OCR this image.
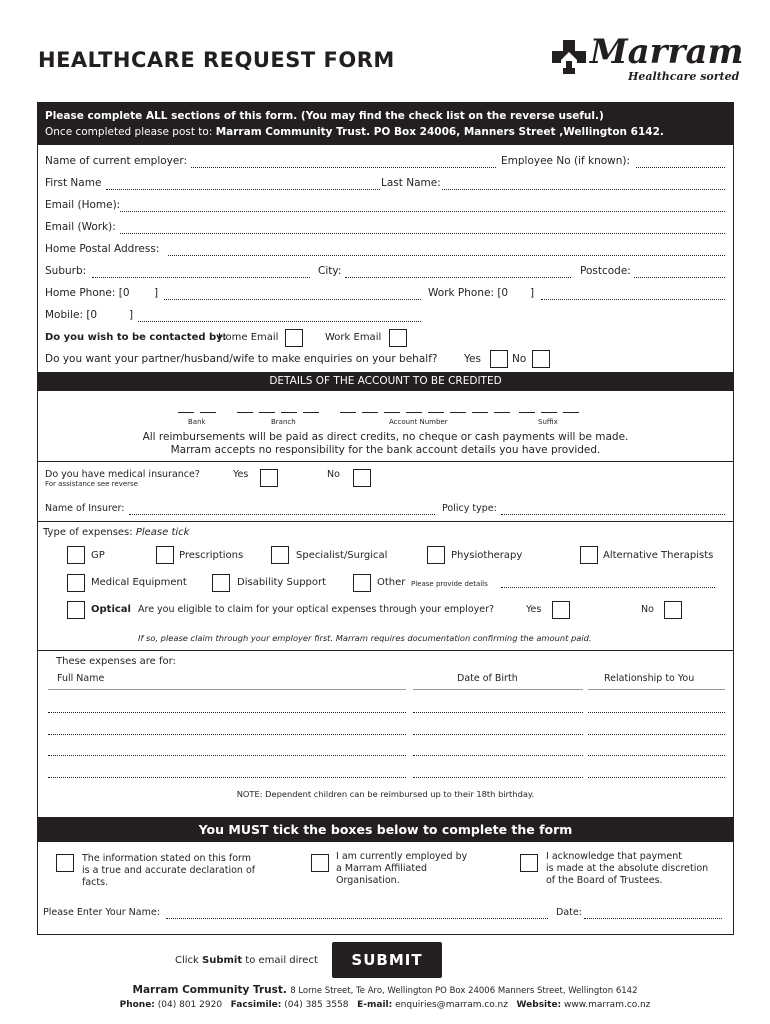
HEALTHCARE REQUEST FORM	Marram
Healthcare sorted
Please complete ALL sections of this form. (You may find the check list on the reverse useful.)
Once completed please post to: Marram Community Trust. PO Box 24006, Manners Street ,Wellington 6142.
Name of current employer:	Employee No (if known):
First Name	Last Name:
Email (Home):
Email (Work):
Home Postal Address:
Suburb:	City:	Postcode:
Home Phone: [0 ]	Work Phone: [0 ]
Mobile: [0	]
Do you wish to be contacted by:
Home Email	Work Email
Do you want your partner/husband/wife to make enquiries on your behalf?	Yes	No
DETAILS OF THE ACCOUNT TO BE CREDITED
Bank	Branch	Account Number	Suffix
All reimbursements will be paid as direct credits, no cheque or cash payments will be made.
Marram accepts no responsibility for the bank account details you have provided.
Do you have medical insurance?
For assistance see reverse
Yes	No
Name of Insurer:	Policy type:
Type of expenses: Please tick
GP	Prescriptions	Specialist/Surgical	Physiotherapy	Alternative Therapists
Medical Equipment	Disability Support	Other Please provide details
Optical Are you eligible to claim for your optical expenses through your employer?	Yes	No
If so, please claim through your employer first. Marram requires documentation confirming the amount paid.
These expenses are for:
Full Name	Date of Birth	Relationship to You
NOTE: Dependent children can be reimbursed up to their 18th birthday.
You MUST tick the boxes below to complete the form
The information stated on this form
is a true and accurate declaration of
facts.
I am currently employed by
a Marram Affiliated
Organisation.
I acknowledge that payment
is made at the absolute discretion
of the Board of Trustees.
Please Enter Your Name:	Date:
Click Submit to email direct	SUBMIT
Marram Community Trust. 8 Lorne Street, Te Aro, Wellington PO Box 24006 Manners Street, Wellington 6142
Phone: (04) 801 2920 Facsimile: (04) 385 3558 E-mail: enquiries@marram.co.nz Website: www.marram.co.nz
